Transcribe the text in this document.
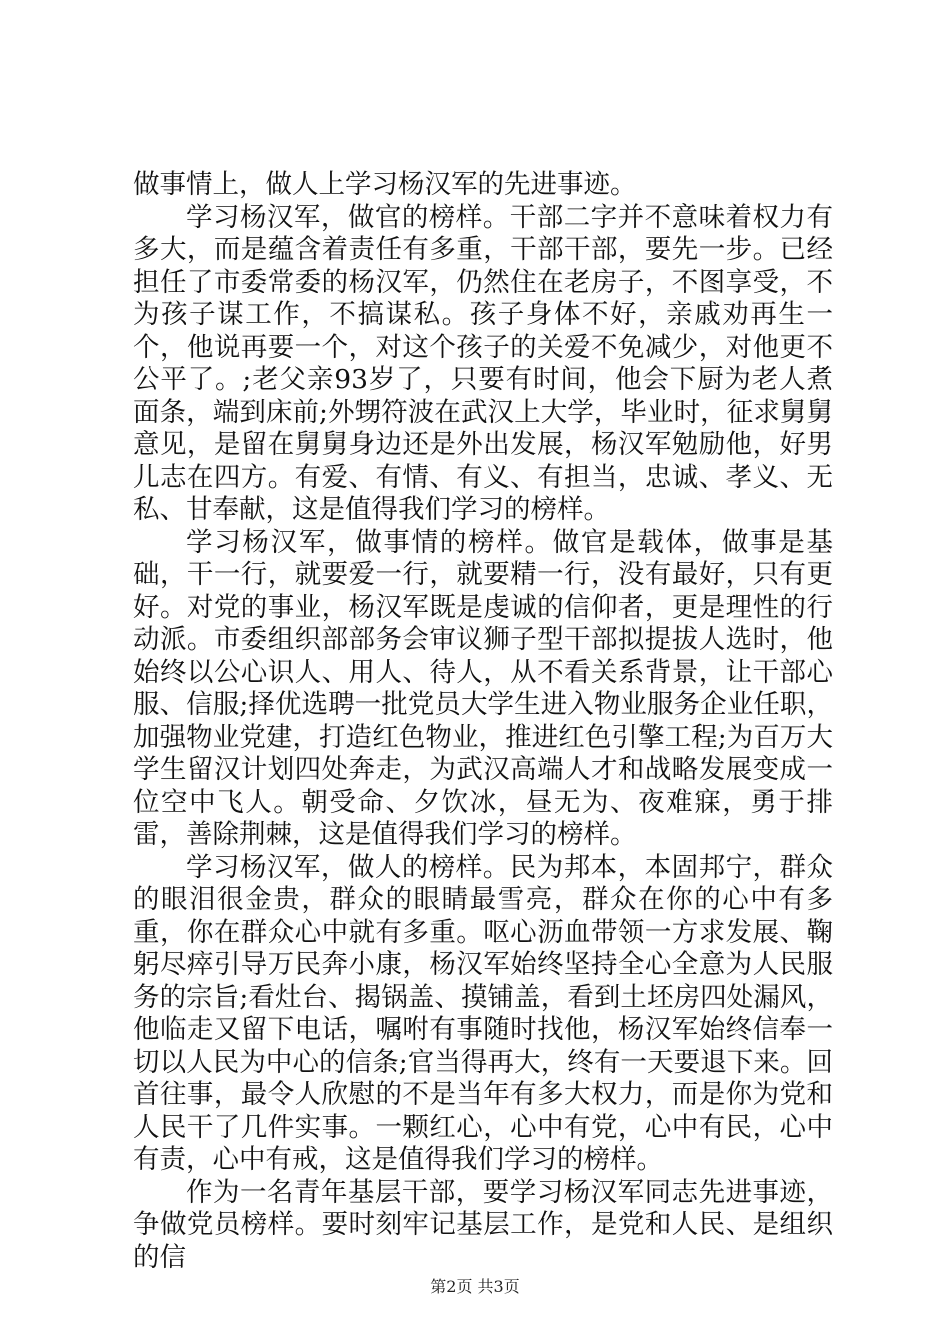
做事情上，做人上学习杨汉军的先进事迹。

学习杨汉军，做官的榜样。干部二字并不意味着权力有多大，而是蕴含着责任有多重，干部干部，要先一步。已经担任了市委常委的杨汉军，仍然住在老房子，不图享受，不为孩子谋工作，不搞谋私。孩子身体不好，亲戚劝再生一个，他说再要一个，对这个孩子的关爱不免减少，对他更不公平了。;老父亲93岁了，只要有时间，他会下厨为老人煮面条，端到床前;外甥符波在武汉上大学，毕业时，征求舅舅意见，是留在舅舅身边还是外出发展，杨汉军勉励他，好男儿志在四方。有爱、有情、有义、有担当，忠诚、孝义、无私、甘奉献，这是值得我们学习的榜样。

学习杨汉军，做事情的榜样。做官是载体，做事是基础，干一行，就要爱一行，就要精一行，没有最好，只有更好。对党的事业，杨汉军既是虔诚的信仰者，更是理性的行动派。市委组织部部务会审议狮子型干部拟提拔人选时，他始终以公心识人、用人、待人，从不看关系背景，让干部心服、信服;择优选聘一批党员大学生进入物业服务企业任职，加强物业党建，打造红色物业，推进红色引擎工程;为百万大学生留汉计划四处奔走，为武汉高端人才和战略发展变成一位空中飞人。朝受命、夕饮冰，昼无为、夜难寐，勇于排雷，善除荆棘，这是值得我们学习的榜样。

学习杨汉军，做人的榜样。民为邦本，本固邦宁，群众的眼泪很金贵，群众的眼睛最雪亮，群众在你的心中有多重，你在群众心中就有多重。呕心沥血带领一方求发展、鞠躬尽瘁引导万民奔小康，杨汉军始终坚持全心全意为人民服务的宗旨;看灶台、揭锅盖、摸铺盖，看到土坯房四处漏风，他临走又留下电话，嘱咐有事随时找他，杨汉军始终信奉一切以人民为中心的信条;官当得再大，终有一天要退下来。回首往事，最令人欣慰的不是当年有多大权力，而是你为党和人民干了几件实事。一颗红心，心中有党，心中有民，心中有责，心中有戒，这是值得我们学习的榜样。

作为一名青年基层干部，要学习杨汉军同志先进事迹，争做党员榜样。要时刻牢记基层工作，是党和人民、是组织的信

第2页 共3页
